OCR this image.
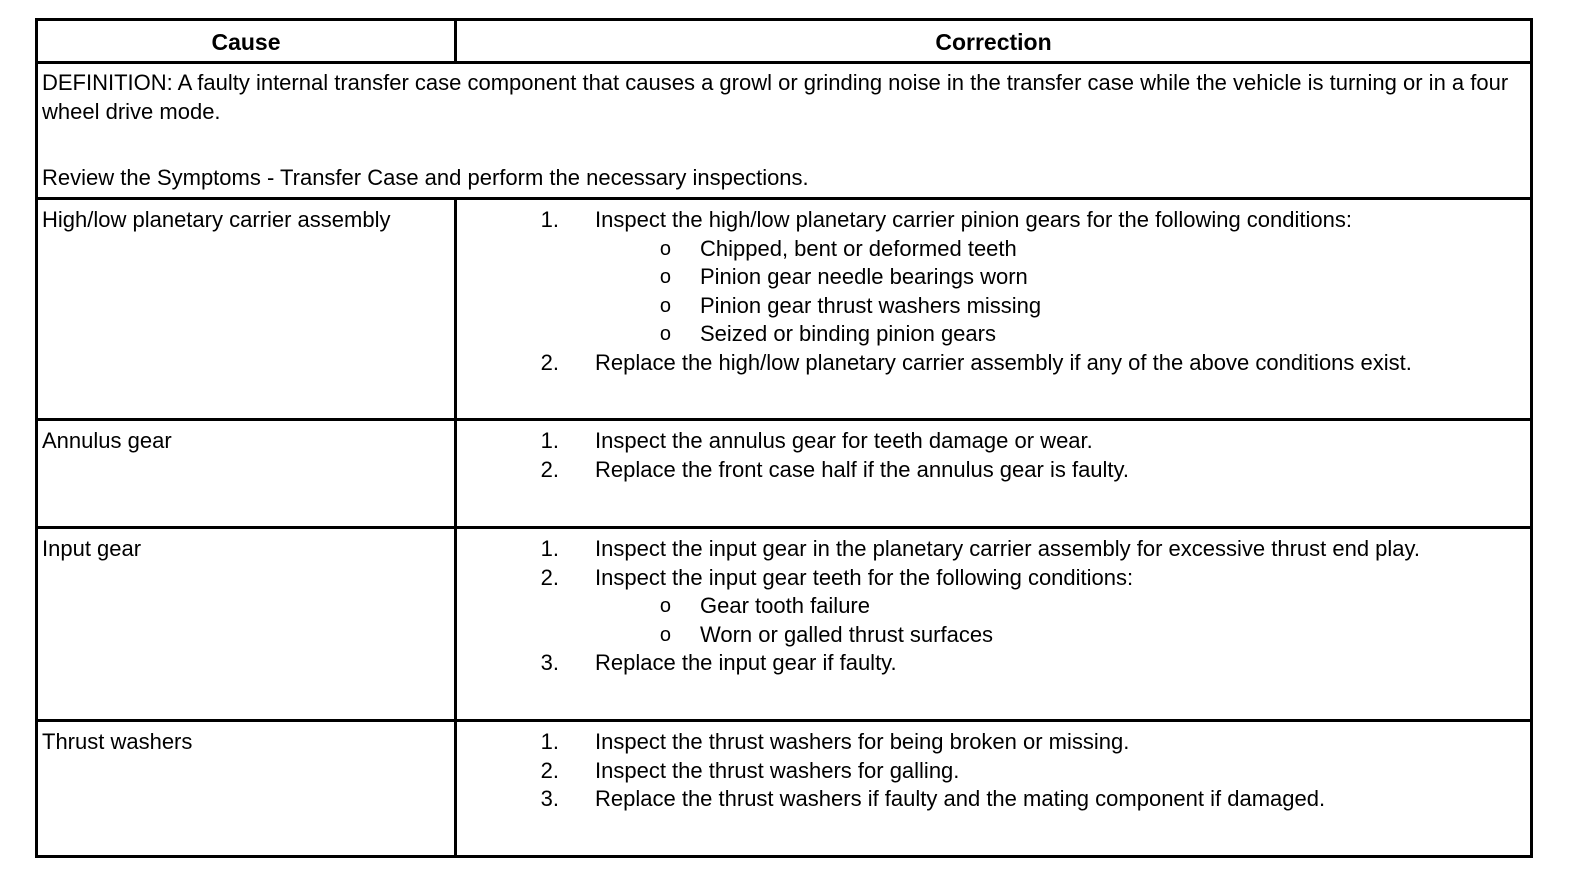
Cause	Correction

DEFINITION: A faulty internal transfer case component that causes a growl or grinding noise in the transfer case while the vehicle is turning or in a four wheel drive mode.

Review the Symptoms - Transfer Case and perform the necessary inspections.

High/low planetary carrier assembly	1.	Inspect the high/low planetary carrier pinion gears for the following conditions:
o	Chipped, bent or deformed teeth
o	Pinion gear needle bearings worn
o	Pinion gear thrust washers missing
o	Seized or binding pinion gears
2.	Replace the high/low planetary carrier assembly if any of the above conditions exist.
Annulus gear	1.	Inspect the annulus gear for teeth damage or wear.
2.	Replace the front case half if the annulus gear is faulty.
Input gear	1.	Inspect the input gear in the planetary carrier assembly for excessive thrust end play.
2.	Inspect the input gear teeth for the following conditions:
o	Gear tooth failure
o	Worn or galled thrust surfaces
3.	Replace the input gear if faulty.
Thrust washers	1.	Inspect the thrust washers for being broken or missing.
2.	Inspect the thrust washers for galling.
3.	Replace the thrust washers if faulty and the mating component if damaged.
